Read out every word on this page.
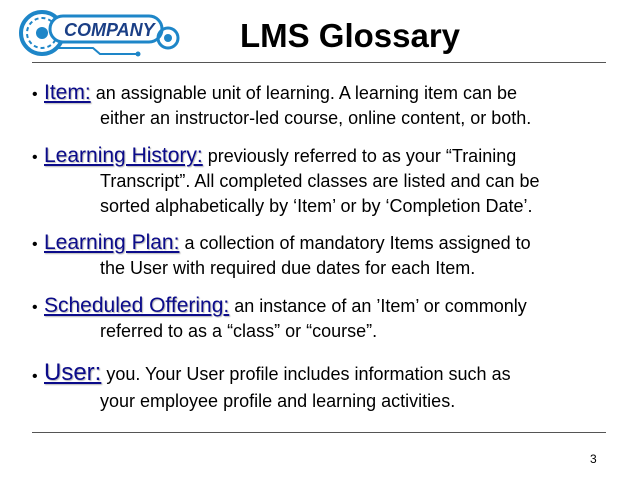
COMPANY	LMS Glossary
• Item: an assignable unit of learning. A learning item can be
either an instructor-led course, online content, or both.
• Learning History: previously referred to as your “Training
Transcript”. All completed classes are listed and can be
sorted alphabetically by ‘Item’ or by ‘Completion Date’.
• Learning Plan: a collection of mandatory Items assigned to
the User with required due dates for each Item.
• Scheduled Offering: an instance of an ’Item’ or commonly
referred to as a “class” or “course”.
• User: you. Your User profile includes information such as
your employee profile and learning activities.
3
